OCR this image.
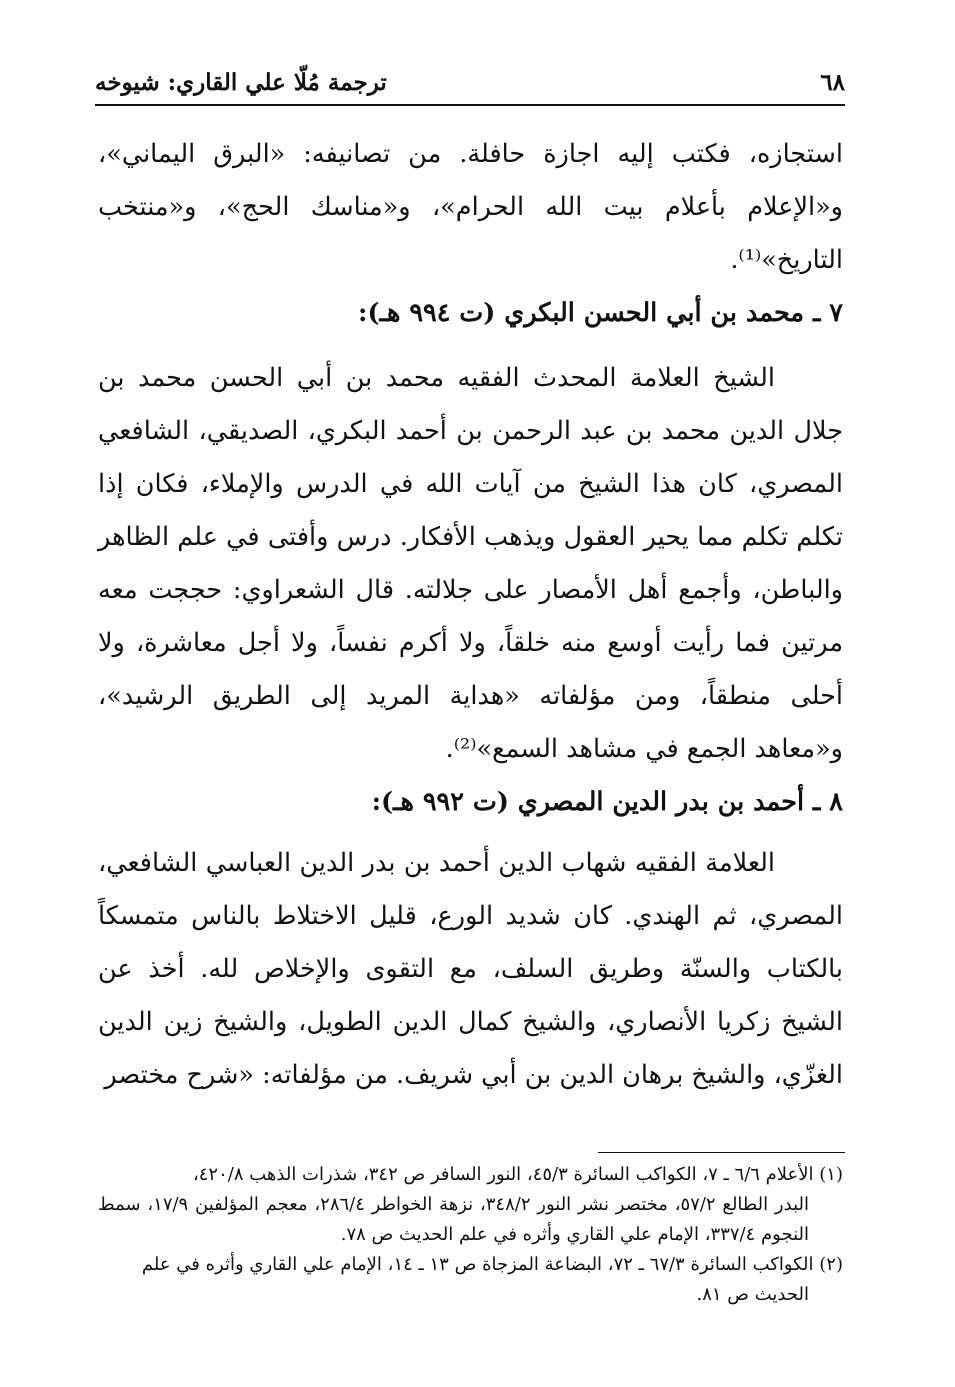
٦٨
ترجمة مُلّا علي القاري: شيوخه

استجازه، فكتب إليه اجازة حافلة. من تصانيفه: «البرق اليماني»، و«الإعلام بأعلام بيت الله الحرام»، و«مناسك الحج»، و«منتخب التاريخ»⁽¹⁾.

٧ ـ محمد بن أبي الحسن البكري (ت ٩٩٤ هـ):

الشيخ العلامة المحدث الفقيه محمد بن أبي الحسن محمد بن جلال الدين محمد بن عبد الرحمن بن أحمد البكري، الصديقي، الشافعي المصري، كان هذا الشيخ من آيات الله في الدرس والإملاء، فكان إذا تكلم تكلم مما يحير العقول ويذهب الأفكار. درس وأفتى في علم الظاهر والباطن، وأجمع أهل الأمصار على جلالته. قال الشعراوي: حججت معه مرتين فما رأيت أوسع منه خلقاً، ولا أكرم نفساً، ولا أجل معاشرة، ولا أحلى منطقاً، ومن مؤلفاته «هداية المريد إلى الطريق الرشيد»، و«معاهد الجمع في مشاهد السمع»⁽²⁾.

٨ ـ أحمد بن بدر الدين المصري (ت ٩٩٢ هـ):

العلامة الفقيه شهاب الدين أحمد بن بدر الدين العباسي الشافعي، المصري، ثم الهندي. كان شديد الورع، قليل الاختلاط بالناس متمسكاً بالكتاب والسنّة وطريق السلف، مع التقوى والإخلاص لله. أخذ عن الشيخ زكريا الأنصاري، والشيخ كمال الدين الطويل، والشيخ زين الدين الغزّي، والشيخ برهان الدين بن أبي شريف. من مؤلفاته: «شرح مختصر

(١) الأعلام ٦/٦ ـ ٧، الكواكب السائرة ٤٥/٣، النور السافر ص ٣٤٢، شذرات الذهب ٤٢٠/٨،

البدر الطالع ٥٧/٢، مختصر نشر النور ٣٤٨/٢، نزهة الخواطر ٢٨٦/٤، معجم المؤلفين ١٧/٩، سمط النجوم ٣٣٧/٤، الإمام علي القاري وأثره في علم الحديث ص ٧٨.

(٢) الكواكب السائرة ٦٧/٣ ـ ٧٢، البضاعة المزجاة ص ١٣ ـ ١٤، الإمام علي القاري وأثره في علم

الحديث ص ٨١.
